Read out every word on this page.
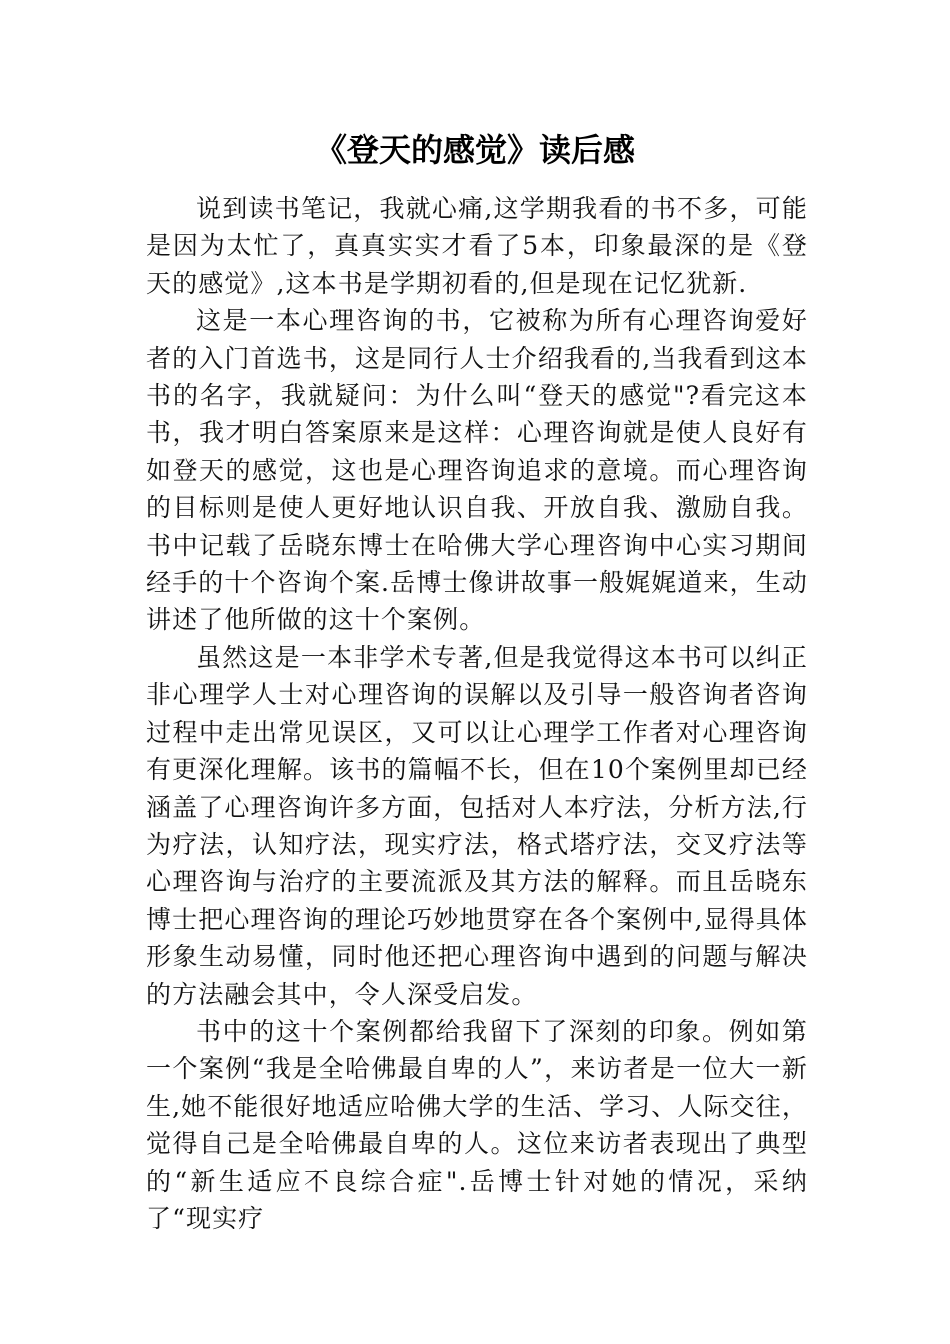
《登天的感觉》读后感

说到读书笔记，我就心痛,这学期我看的书不多，可能是因为太忙了，真真实实才看了5本，印象最深的是《登天的感觉》,这本书是学期初看的,但是现在记忆犹新.

这是一本心理咨询的书，它被称为所有心理咨询爱好者的入门首选书，这是同行人士介绍我看的,当我看到这本书的名字，我就疑问：为什么叫“登天的感觉"?看完这本书，我才明白答案原来是这样：心理咨询就是使人良好有如登天的感觉，这也是心理咨询追求的意境。而心理咨询的目标则是使人更好地认识自我、开放自我、激励自我。书中记载了岳晓东博士在哈佛大学心理咨询中心实习期间经手的十个咨询个案.岳博士像讲故事一般娓娓道来，生动讲述了他所做的这十个案例。

虽然这是一本非学术专著,但是我觉得这本书可以纠正非心理学人士对心理咨询的误解以及引导一般咨询者咨询过程中走出常见误区，又可以让心理学工作者对心理咨询有更深化理解。该书的篇幅不长，但在10个案例里却已经涵盖了心理咨询许多方面，包括对人本疗法，分析方法,行为疗法，认知疗法，现实疗法，格式塔疗法，交叉疗法等心理咨询与治疗的主要流派及其方法的解释。而且岳晓东博士把心理咨询的理论巧妙地贯穿在各个案例中,显得具体形象生动易懂，同时他还把心理咨询中遇到的问题与解决的方法融会其中，令人深受启发。

书中的这十个案例都给我留下了深刻的印象。例如第一个案例“我是全哈佛最自卑的人”，来访者是一位大一新生,她不能很好地适应哈佛大学的生活、学习、人际交往，觉得自己是全哈佛最自卑的人。这位来访者表现出了典型的“新生适应不良综合症".岳博士针对她的情况，采纳了“现实疗
